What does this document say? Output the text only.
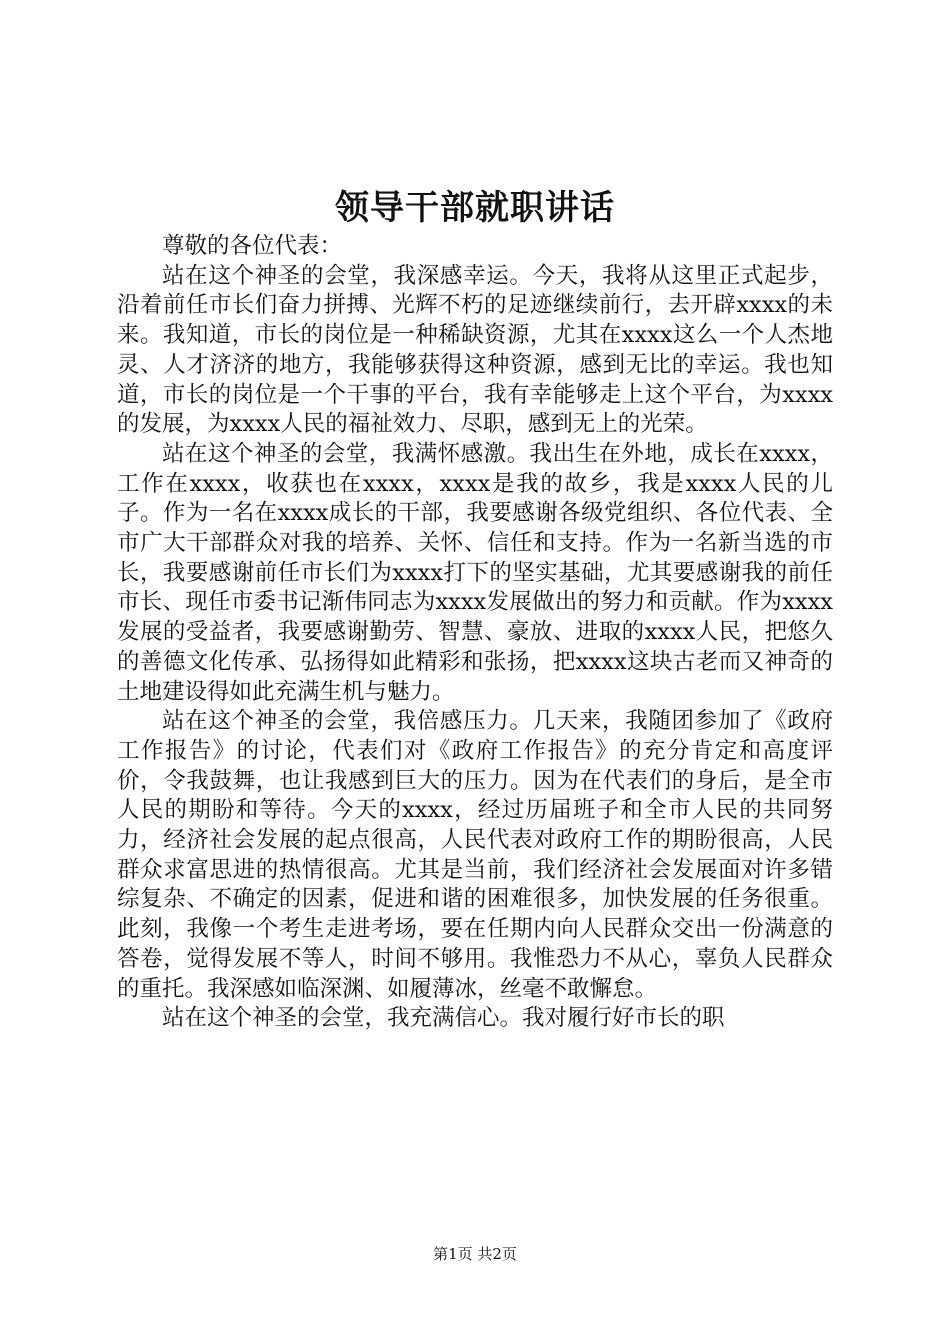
领导干部就职讲话

尊敬的各位代表：

站在这个神圣的会堂，我深感幸运。今天，我将从这里正式起步，沿着前任市长们奋力拼搏、光辉不朽的足迹继续前行，去开辟xxxx的未来。我知道，市长的岗位是一种稀缺资源，尤其在xxxx这么一个人杰地灵、人才济济的地方，我能够获得这种资源，感到无比的幸运。我也知道，市长的岗位是一个干事的平台，我有幸能够走上这个平台，为xxxx的发展，为xxxx人民的福祉效力、尽职，感到无上的光荣。

站在这个神圣的会堂，我满怀感激。我出生在外地，成长在xxxx，工作在xxxx，收获也在xxxx，xxxx是我的故乡，我是xxxx人民的儿子。作为一名在xxxx成长的干部，我要感谢各级党组织、各位代表、全市广大干部群众对我的培养、关怀、信任和支持。作为一名新当选的市长，我要感谢前任市长们为xxxx打下的坚实基础，尤其要感谢我的前任市长、现任市委书记渐伟同志为xxxx发展做出的努力和贡献。作为xxxx发展的受益者，我要感谢勤劳、智慧、豪放、进取的xxxx人民，把悠久的善德文化传承、弘扬得如此精彩和张扬，把xxxx这块古老而又神奇的土地建设得如此充满生机与魅力。

站在这个神圣的会堂，我倍感压力。几天来，我随团参加了《政府工作报告》的讨论，代表们对《政府工作报告》的充分肯定和高度评价，令我鼓舞，也让我感到巨大的压力。因为在代表们的身后，是全市人民的期盼和等待。今天的xxxx，经过历届班子和全市人民的共同努力，经济社会发展的起点很高，人民代表对政府工作的期盼很高，人民群众求富思进的热情很高。尤其是当前，我们经济社会发展面对许多错综复杂、不确定的因素，促进和谐的困难很多，加快发展的任务很重。此刻，我像一个考生走进考场，要在任期内向人民群众交出一份满意的答卷，觉得发展不等人，时间不够用。我惟恐力不从心，辜负人民群众的重托。我深感如临深渊、如履薄冰，丝毫不敢懈怠。

站在这个神圣的会堂，我充满信心。我对履行好市长的职

第1页 共2页
